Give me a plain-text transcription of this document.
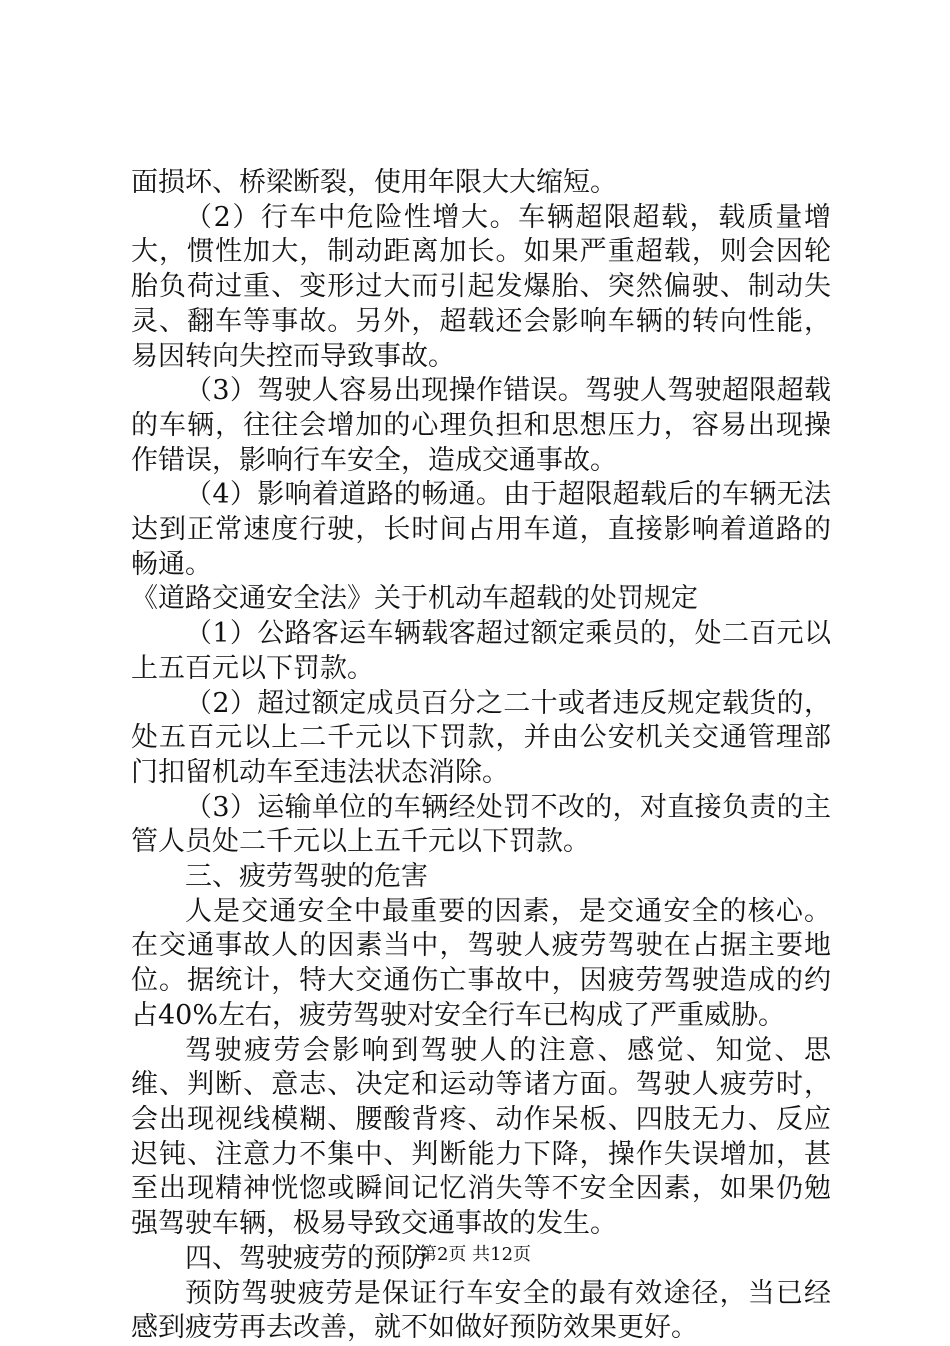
面损坏、桥梁断裂，使用年限大大缩短。

（2）行车中危险性增大。车辆超限超载，载质量增大，惯性加大，制动距离加长。如果严重超载，则会因轮胎负荷过重、变形过大而引起发爆胎、突然偏驶、制动失灵、翻车等事故。另外，超载还会影响车辆的转向性能，易因转向失控而导致事故。

（3）驾驶人容易出现操作错误。驾驶人驾驶超限超载的车辆，往往会增加的心理负担和思想压力，容易出现操作错误，影响行车安全，造成交通事故。

（4）影响着道路的畅通。由于超限超载后的车辆无法达到正常速度行驶，长时间占用车道，直接影响着道路的畅通。

《道路交通安全法》关于机动车超载的处罚规定

（1）公路客运车辆载客超过额定乘员的，处二百元以上五百元以下罚款。

（2）超过额定成员百分之二十或者违反规定载货的，处五百元以上二千元以下罚款，并由公安机关交通管理部门扣留机动车至违法状态消除。

（3）运输单位的车辆经处罚不改的，对直接负责的主管人员处二千元以上五千元以下罚款。

三、疲劳驾驶的危害

人是交通安全中最重要的因素，是交通安全的核心。在交通事故人的因素当中，驾驶人疲劳驾驶在占据主要地位。据统计，特大交通伤亡事故中，因疲劳驾驶造成的约占40%左右，疲劳驾驶对安全行车已构成了严重威胁。

驾驶疲劳会影响到驾驶人的注意、感觉、知觉、思维、判断、意志、决定和运动等诸方面。驾驶人疲劳时，会出现视线模糊、腰酸背疼、动作呆板、四肢无力、反应迟钝、注意力不集中、判断能力下降，操作失误增加，甚至出现精神恍惚或瞬间记忆消失等不安全因素，如果仍勉强驾驶车辆，极易导致交通事故的发生。

四、驾驶疲劳的预防

预防驾驶疲劳是保证行车安全的最有效途径，当已经感到疲劳再去改善，就不如做好预防效果更好。

第2页 共12页
